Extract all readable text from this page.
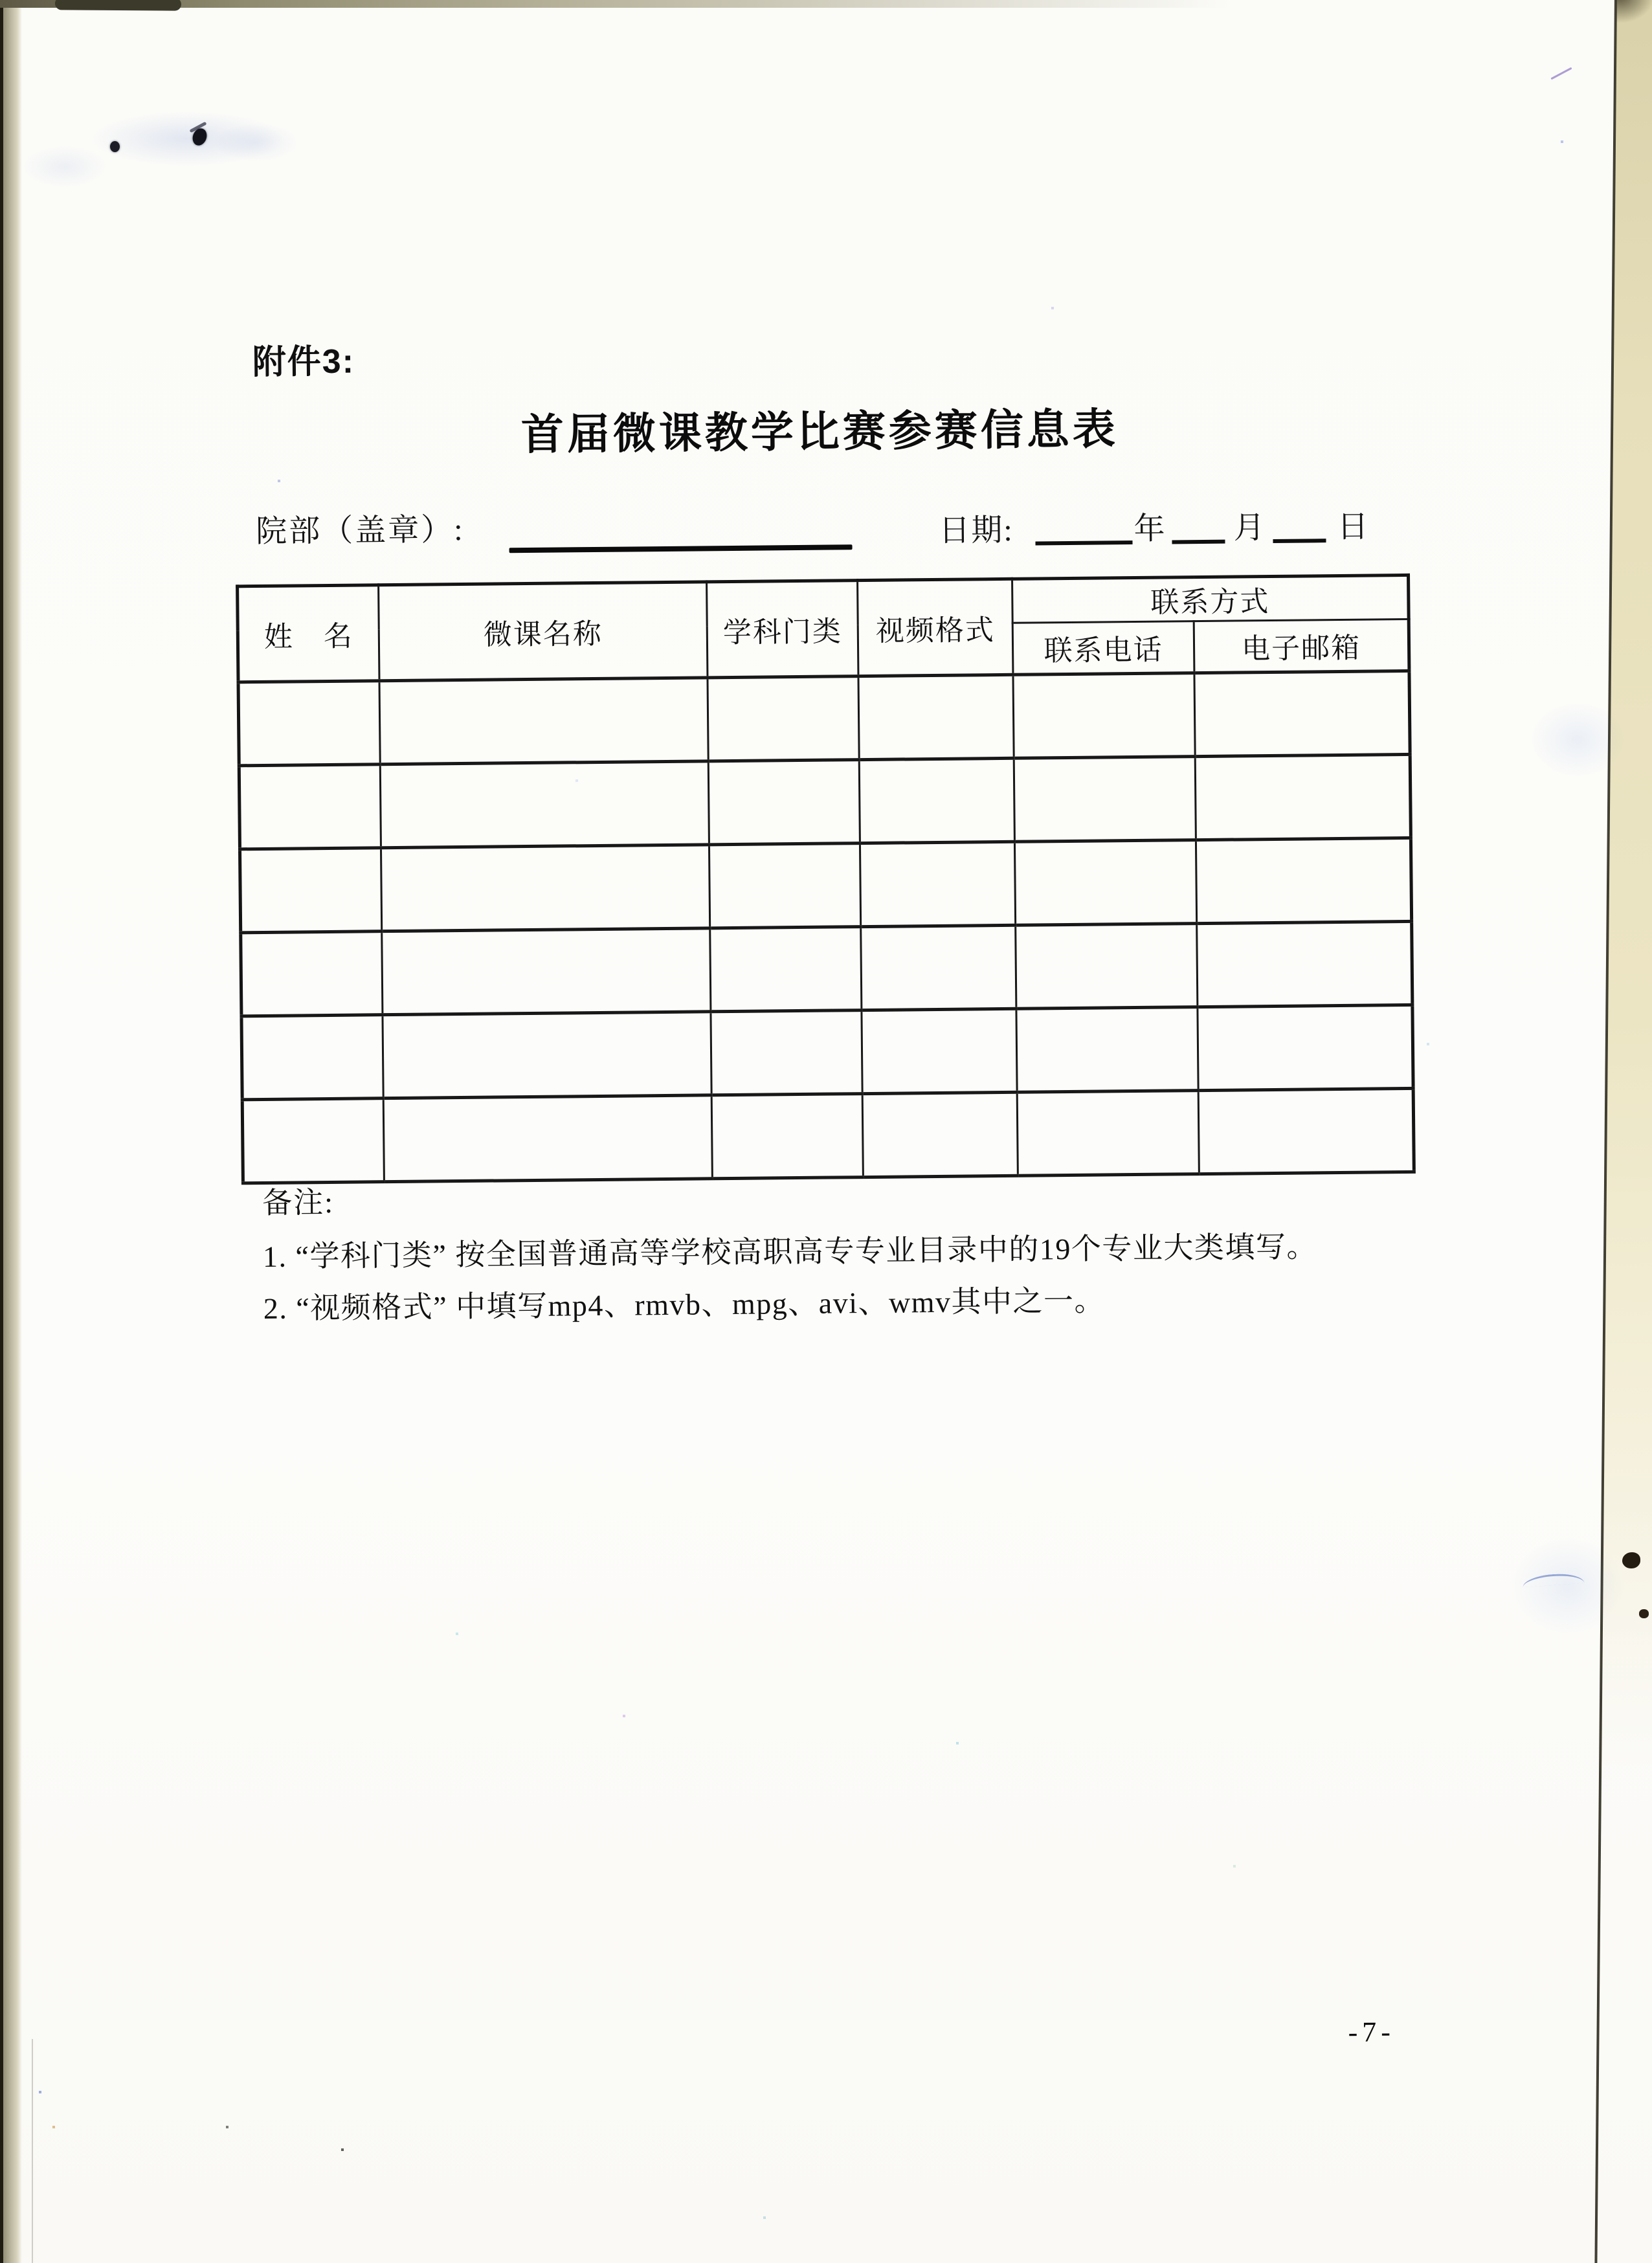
附件3:
首届微课教学比赛参赛信息表
院部（盖章）:	日期:	年 月 日
姓　名	微课名称	学科门类	视频格式	联系方式	
				联系电话	电子邮箱

备注:
1. “学科门类” 按全国普通高等学校高职高专专业目录中的19个专业大类填写。
2. “视频格式” 中填写mp4、rmvb、mpg、avi、wmv其中之一。
-7-
